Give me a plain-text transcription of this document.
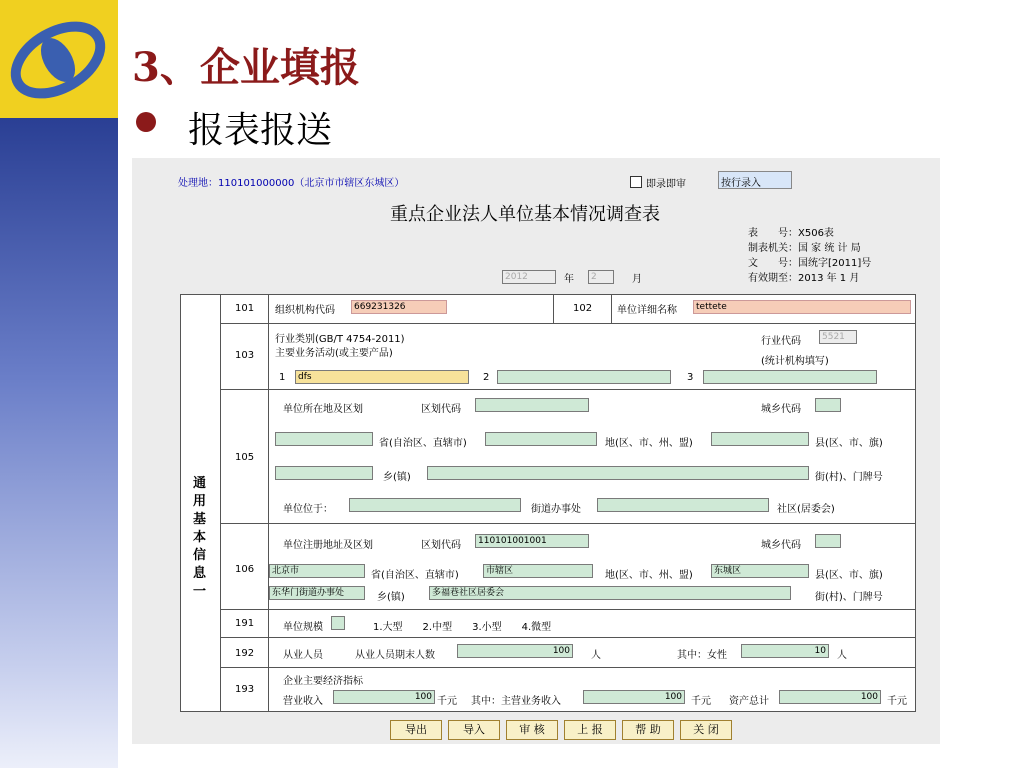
3、企业填报
报表报送
处理地：110101000000（北京市市辖区东城区）	即录即审	按行录入
重点企业法人单位基本情况调查表
表　　号：X506表
制表机关：国 家 统 计 局
文　　号：国统字[2011]号
有效期至：2013 年 1 月
2012	年	2	月
通用基本信息一
101 组织机构代码	669231326	102 单位详细名称	tettete
103
行业类别(GB/T 4754-2011)
主要业务活动(或主要产品)
行业代码	5521
(统计机构填写)
1	dfs	2	3
105
单位所在地及区划	区划代码	城乡代码
省(自治区、直辖市)	地(区、市、州、盟)	县(区、市、旗)
乡(镇)	街(村)、门牌号
单位位于：	街道办事处	社区(居委会)
106
单位注册地址及区划	区划代码	110101001001	城乡代码
北京市	省(自治区、直辖市)	市辖区	地(区、市、州、盟)	东城区	县(区、市、旗)
东华门街道办事处	乡(镇)	多福巷社区居委会	街(村)、门牌号
191	单位规模	1.大型　　2.中型　　3.小型　　4.微型
192	从业人员	从业人员期末人数	100	人	其中：女性	10	人
193
企业主要经济指标
营业收入	100 千元 其中：主营业务收入	100 千元 资产总计	100 千元
导出	导入	审 核	上 报	帮 助	关 闭
